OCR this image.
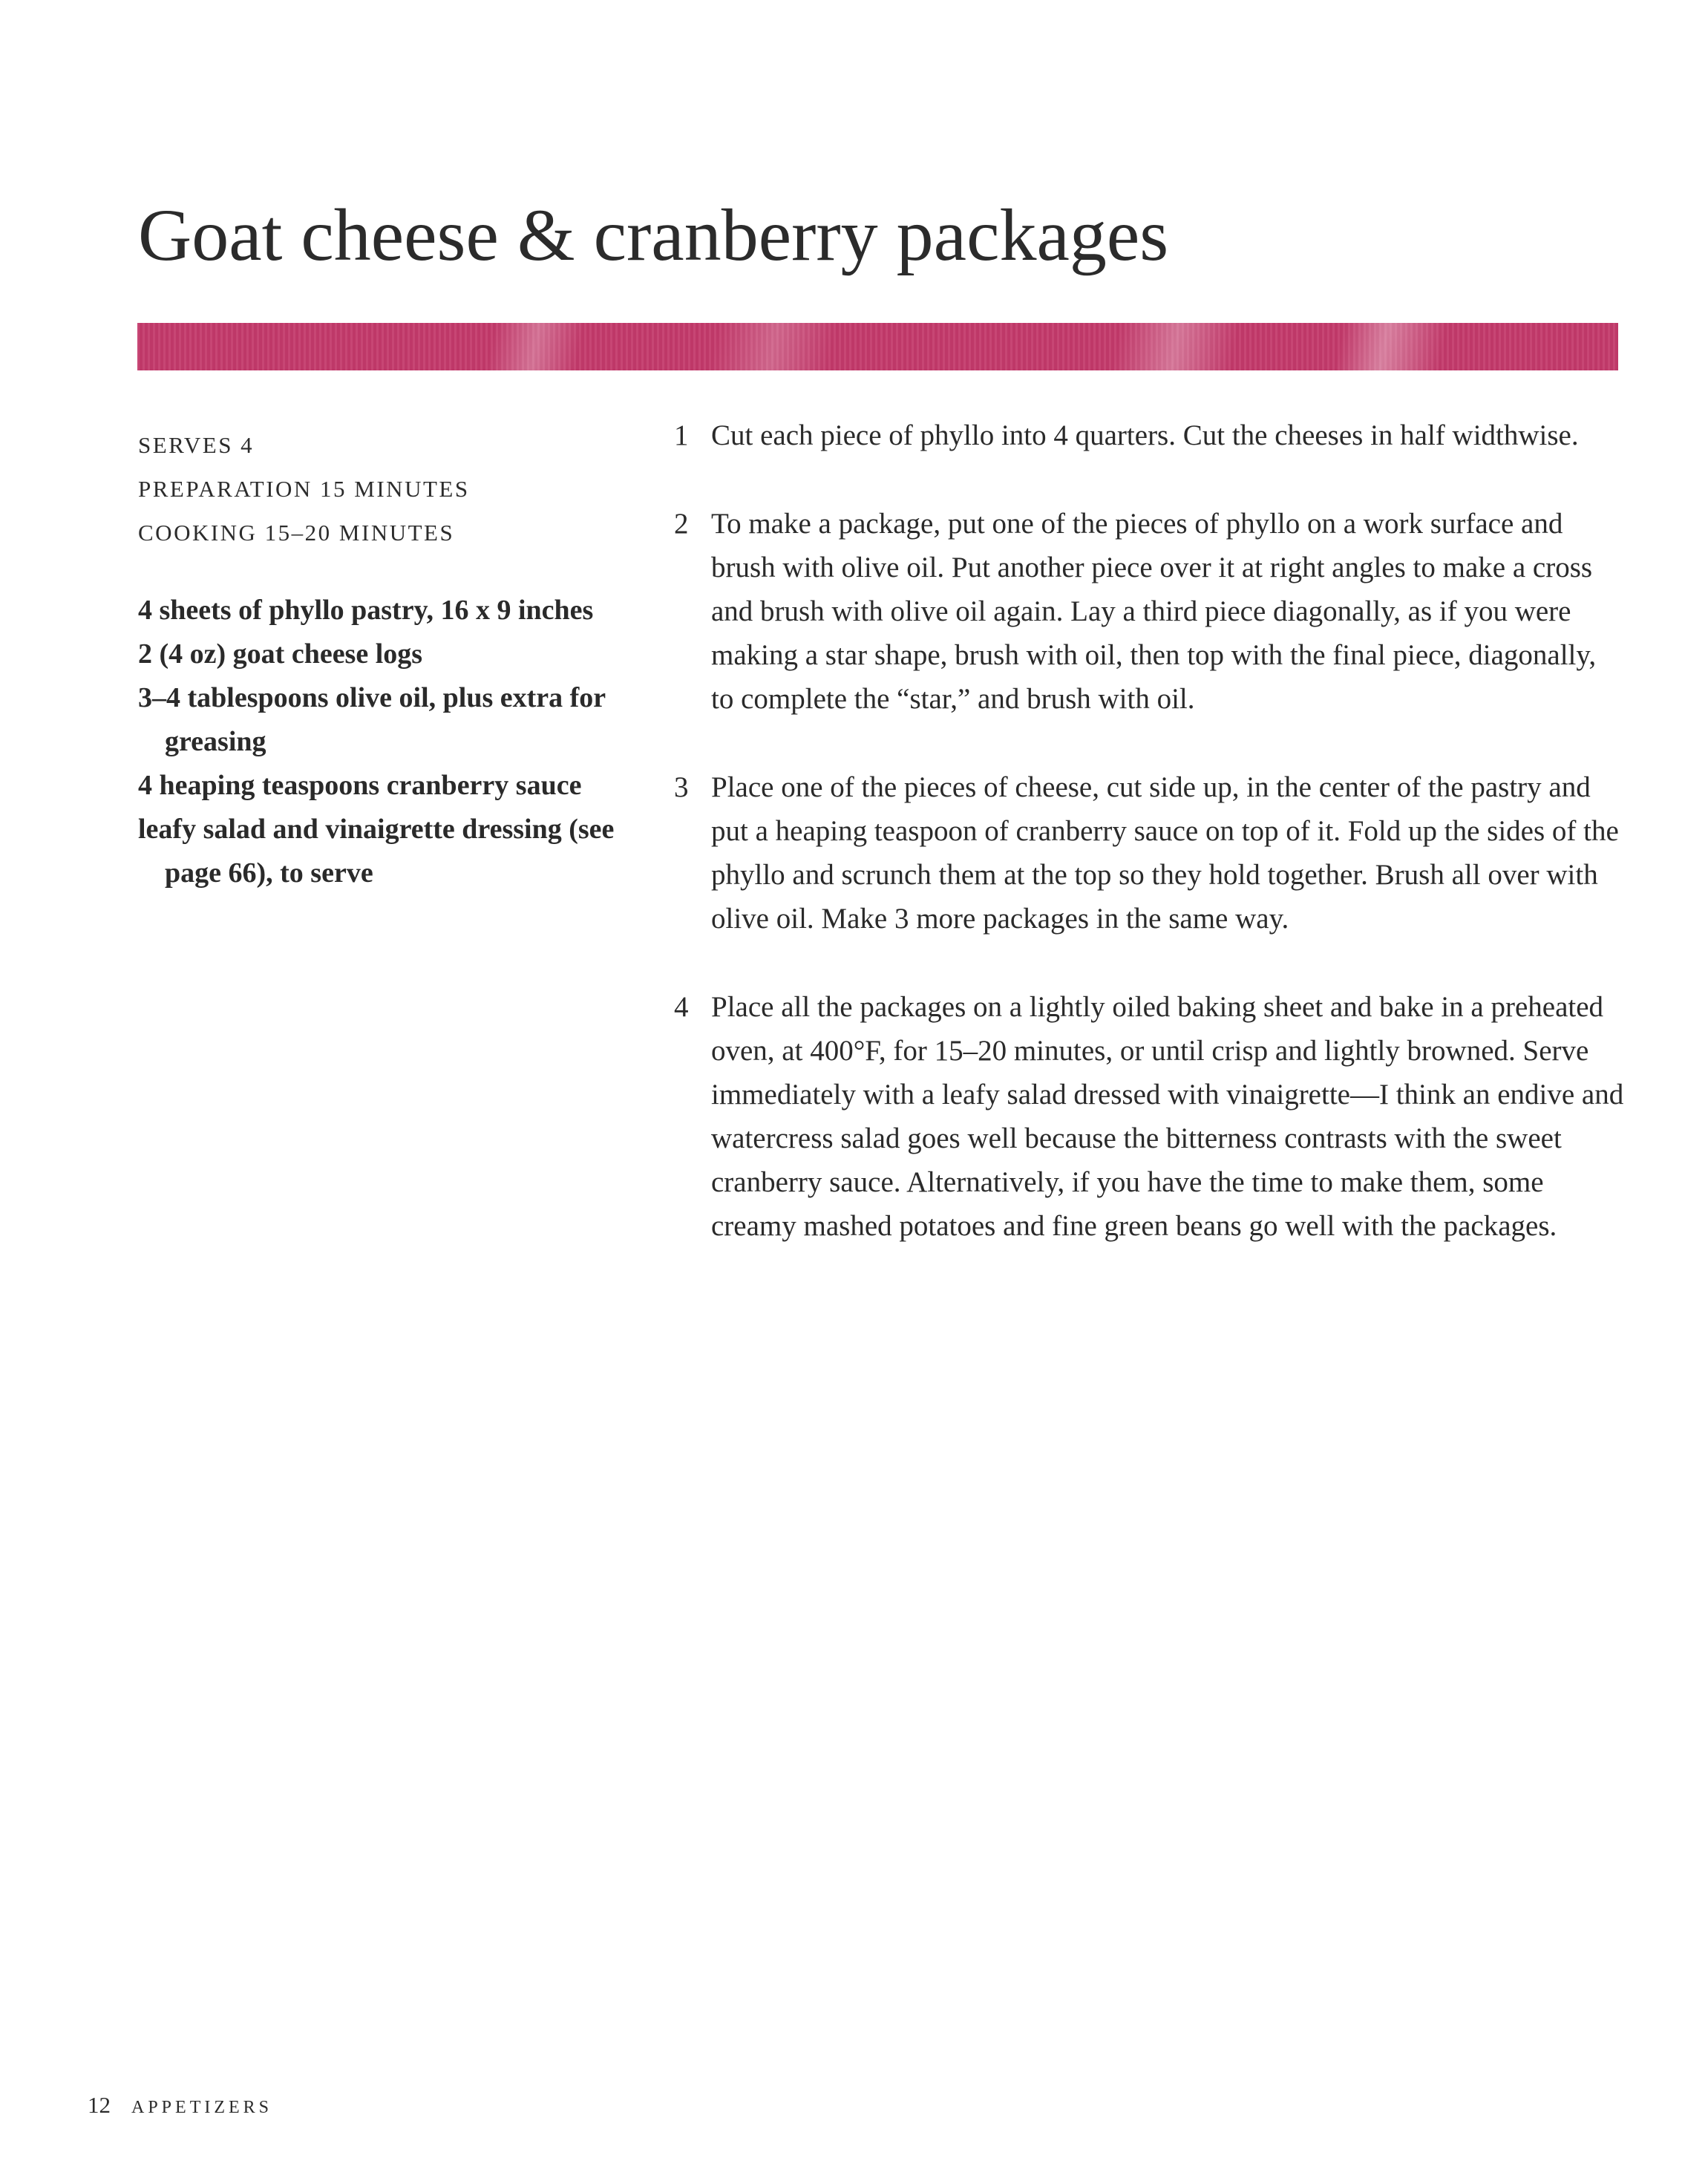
Goat cheese & cranberry packages
SERVES 4
PREPARATION 15 MINUTES
COOKING 15–20 MINUTES
4 sheets of phyllo pastry, 16 x 9 inches
2 (4 oz) goat cheese logs
3–4 tablespoons olive oil, plus extra for greasing
4 heaping teaspoons cranberry sauce
leafy salad and vinaigrette dressing (see page 66), to serve
1 Cut each piece of phyllo into 4 quarters. Cut the cheeses in half widthwise.
2 To make a package, put one of the pieces of phyllo on a work surface and brush with olive oil. Put another piece over it at right angles to make a cross and brush with olive oil again. Lay a third piece diagonally, as if you were making a star shape, brush with oil, then top with the final piece, diagonally, to complete the “star,” and brush with oil.
3 Place one of the pieces of cheese, cut side up, in the center of the pastry and put a heaping teaspoon of cranberry sauce on top of it. Fold up the sides of the phyllo and scrunch them at the top so they hold together. Brush all over with olive oil. Make 3 more packages in the same way.
4 Place all the packages on a lightly oiled baking sheet and bake in a preheated oven, at 400°F, for 15–20 minutes, or until crisp and lightly browned. Serve immediately with a leafy salad dressed with vinaigrette—I think an endive and watercress salad goes well because the bitterness contrasts with the sweet cranberry sauce. Alternatively, if you have the time to make them, some creamy mashed potatoes and fine green beans go well with the packages.
12 APPETIZERS
